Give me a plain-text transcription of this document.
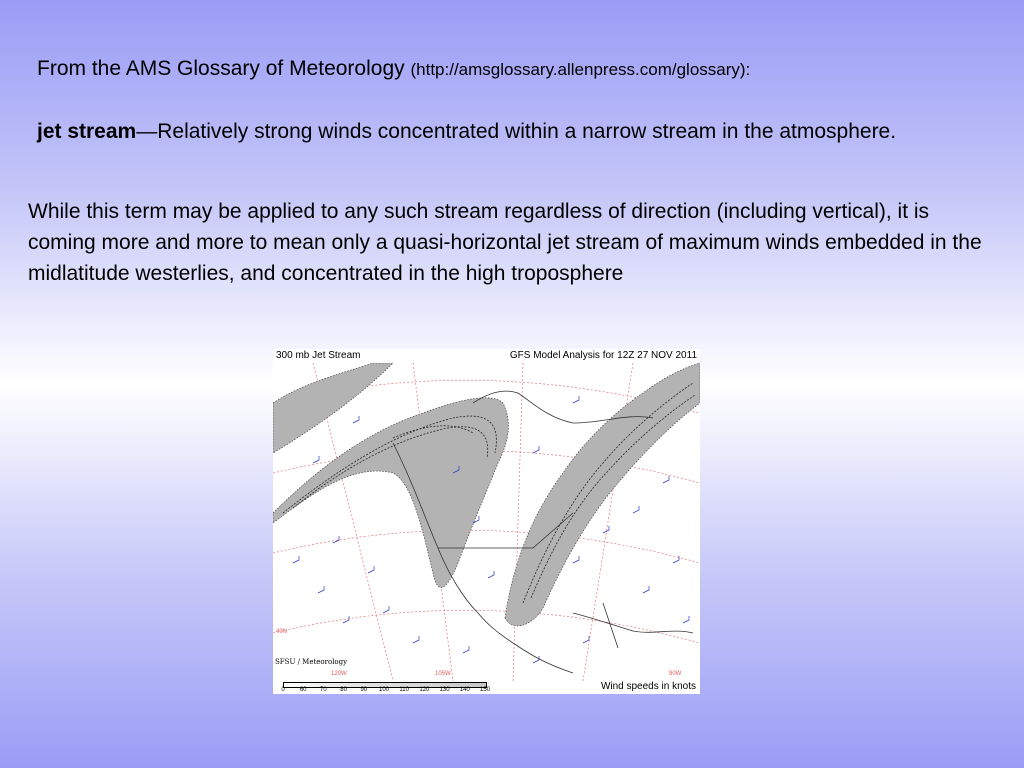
From the AMS Glossary of Meteorology (http://amsglossary.allenpress.com/glossary):
jet stream—Relatively strong winds concentrated within a narrow stream in the atmosphere.
While this term may be applied to any such stream regardless of direction (including vertical), it is coming more and more to mean only a quasi-horizontal jet stream of maximum winds embedded in the midlatitude westerlies, and concentrated in the high troposphere
300 mb Jet Stream	GFS Model Analysis for 12Z 27 NOV 2011
40N
120W	105W	90W
SFSU / Meteorology
0	60 70 80 90 100 110 120 130 140 150	Wind speeds in knots
